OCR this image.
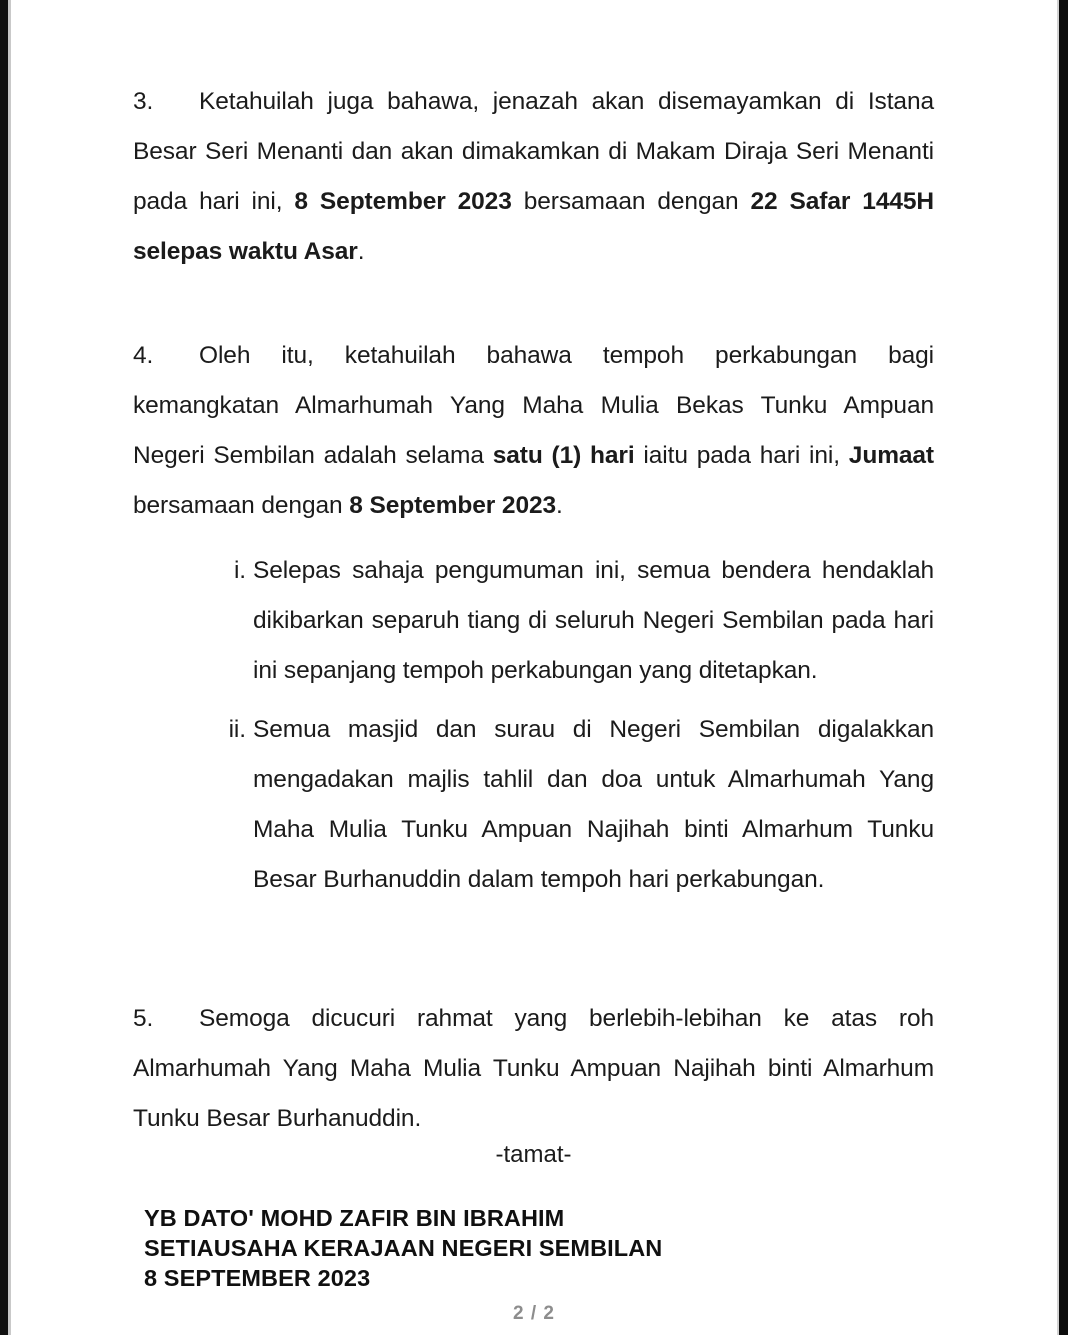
3. Ketahuilah juga bahawa, jenazah akan disemayamkan di Istana Besar Seri Menanti dan akan dimakamkan di Makam Diraja Seri Menanti pada hari ini, 8 September 2023 bersamaan dengan 22 Safar 1445H selepas waktu Asar.

4. Oleh itu, ketahuilah bahawa tempoh perkabungan bagi kemangkatan Almarhumah Yang Maha Mulia Bekas Tunku Ampuan Negeri Sembilan adalah selama satu (1) hari iaitu pada hari ini, Jumaat bersamaan dengan 8 September 2023.

i. Selepas sahaja pengumuman ini, semua bendera hendaklah dikibarkan separuh tiang di seluruh Negeri Sembilan pada hari ini sepanjang tempoh perkabungan yang ditetapkan.
ii. Semua masjid dan surau di Negeri Sembilan digalakkan mengadakan majlis tahlil dan doa untuk Almarhumah Yang Maha Mulia Tunku Ampuan Najihah binti Almarhum Tunku Besar Burhanuddin dalam tempoh hari perkabungan.

5. Semoga dicucuri rahmat yang berlebih-lebihan ke atas roh Almarhumah Yang Maha Mulia Tunku Ampuan Najihah binti Almarhum Tunku Besar Burhanuddin.

-tamat-
YB DATO' MOHD ZAFIR BIN IBRAHIM
SETIAUSAHA KERAJAAN NEGERI SEMBILAN
8 SEPTEMBER 2023
2 / 2
